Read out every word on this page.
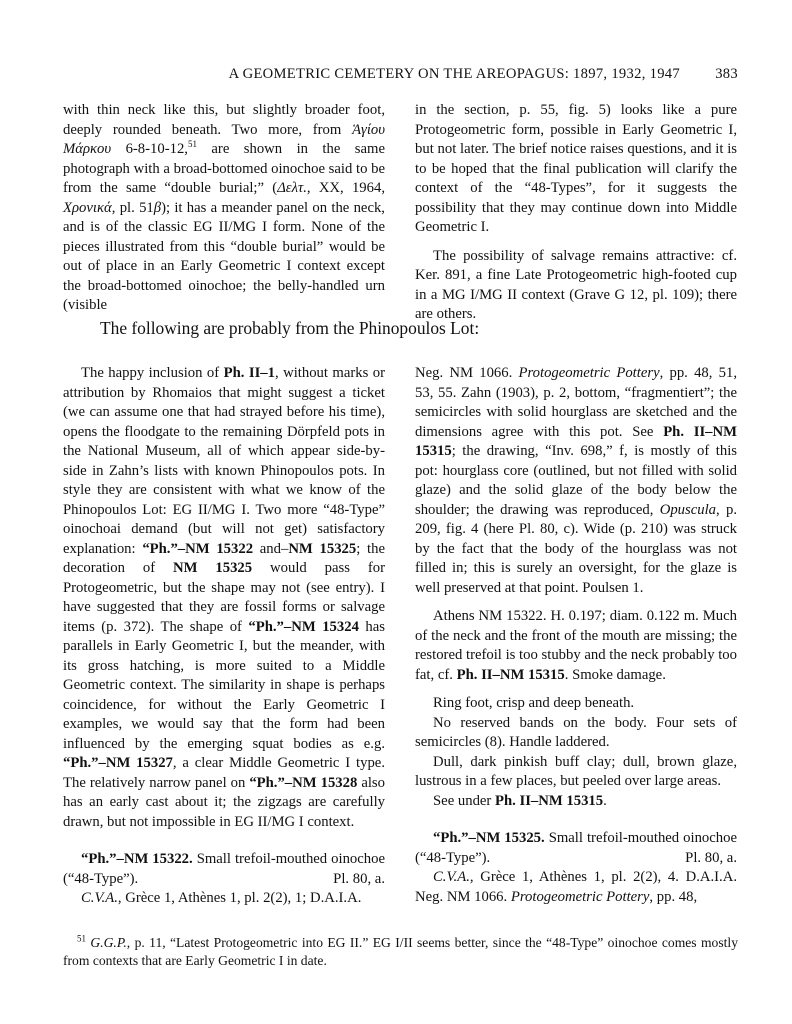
A GEOMETRIC CEMETERY ON THE AREOPAGUS: 1897, 1932, 1947 383

with thin neck like this, but slightly broader foot, deeply rounded beneath. Two more, from Ἁγίου Μάρκου 6-8-10-12,51 are shown in the same photograph with a broad-bottomed oinochoe said to be from the same “double burial;” (Δελτ., XX, 1964, Χρονικά, pl. 51β); it has a meander panel on the neck, and is of the classic EG II/MG I form. None of the pieces illustrated from this “double burial” would be out of place in an Early Geometric I context except the broad-bottomed oinochoe; the belly-handled urn (visible

in the section, p. 55, fig. 5) looks like a pure Protogeometric form, possible in Early Geometric I, but not later. The brief notice raises questions, and it is to be hoped that the final publication will clarify the context of the “48-Types”, for it suggests the possibility that they may continue down into Middle Geometric I.

The possibility of salvage remains attractive: cf. Ker. 891, a fine Late Protogeometric high-footed cup in a MG I/MG II context (Grave G 12, pl. 109); there are others.

The following are probably from the Phinopoulos Lot:

The happy inclusion of Ph. II–1, without marks or attribution by Rhomaios that might suggest a ticket (we can assume one that had strayed before his time), opens the floodgate to the remaining Dörpfeld pots in the National Museum, all of which appear side-by-side in Zahn’s lists with known Phinopoulos pots. In style they are consistent with what we know of the Phinopoulos Lot: EG II/MG I. Two more “48-Type” oinochoai demand (but will not get) satisfactory explanation: “Ph.”–NM 15322 and–NM 15325; the decoration of NM 15325 would pass for Protogeometric, but the shape may not (see entry). I have suggested that they are fossil forms or salvage items (p. 372). The shape of “Ph.”–NM 15324 has parallels in Early Geometric I, but the meander, with its gross hatching, is more suited to a Middle Geometric context. The similarity in shape is perhaps coincidence, for without the Early Geometric I examples, we would say that the form had been influenced by the emerging squat bodies as e.g. “Ph.”–NM 15327, a clear Middle Geometric I type. The relatively narrow panel on “Ph.”–NM 15328 also has an early cast about it; the zigzags are carefully drawn, but not impossible in EG II/MG I context.

“Ph.”–NM 15322. Small trefoil-mouthed oinochoe (“48-Type”).	Pl. 80, a.

C.V.A., Grèce 1, Athènes 1, pl. 2(2), 1; D.A.I.A.

Neg. NM 1066. Protogeometric Pottery, pp. 48, 51, 53, 55. Zahn (1903), p. 2, bottom, “fragmentiert”; the semicircles with solid hourglass are sketched and the dimensions agree with this pot. See Ph. II–NM 15315; the drawing, “Inv. 698,” f, is mostly of this pot: hourglass core (outlined, but not filled with solid glaze) and the solid glaze of the body below the shoulder; the drawing was reproduced, Opuscula, p. 209, fig. 4 (here Pl. 80, c). Wide (p. 210) was struck by the fact that the body of the hourglass was not filled in; this is surely an oversight, for the glaze is well preserved at that point. Poulsen 1.

Athens NM 15322. H. 0.197; diam. 0.122 m. Much of the neck and the front of the mouth are missing; the restored trefoil is too stubby and the neck probably too fat, cf. Ph. II–NM 15315. Smoke damage.

Ring foot, crisp and deep beneath.

No reserved bands on the body. Four sets of semicircles (8). Handle laddered.

Dull, dark pinkish buff clay; dull, brown glaze, lustrous in a few places, but peeled over large areas.

See under Ph. II–NM 15315.

“Ph.”–NM 15325. Small trefoil-mouthed oinochoe (“48-Type”).	Pl. 80, a.

C.V.A., Grèce 1, Athènes 1, pl. 2(2), 4. D.A.I.A. Neg. NM 1066. Protogeometric Pottery, pp. 48,

$^{51}$ G.G.P., p. 11, “Latest Protogeometric into EG II.” EG I/II seems better, since the “48-Type” oinochoe comes mostly from contexts that are Early Geometric I in date.
